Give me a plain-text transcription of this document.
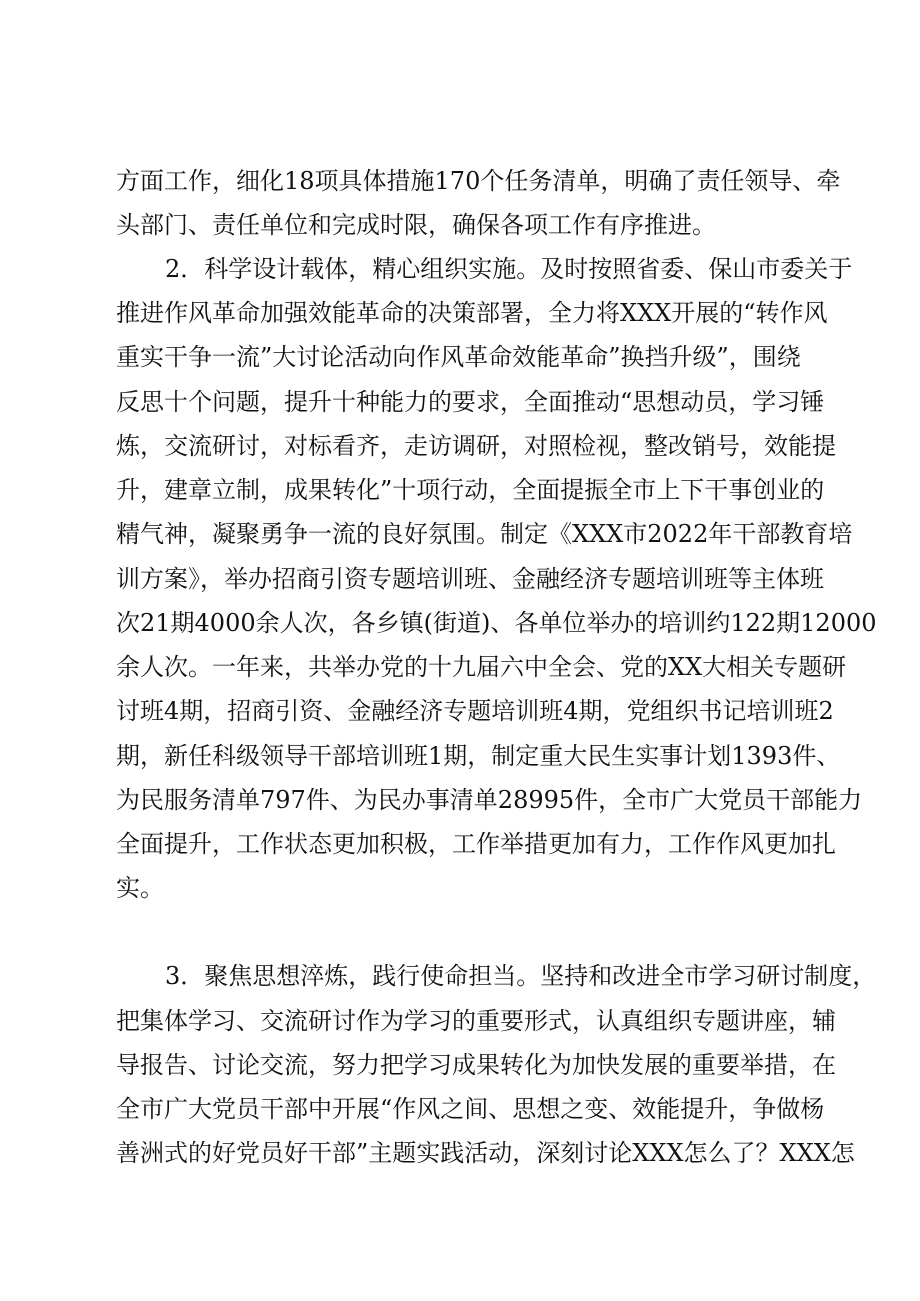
方面工作，细化18项具体措施170个任务清单，明确了责任领导、牵
头部门、责任单位和完成时限，确保各项工作有序推进。
2．科学设计载体，精心组织实施。及时按照省委、保山市委关于
推进作风革命加强效能革命的决策部署，全力将XXX开展的“转作风
重实干争一流”大讨论活动向作风革命效能革命”换挡升级”，围绕
反思十个问题，提升十种能力的要求，全面推动“思想动员，学习锤
炼，交流研讨，对标看齐，走访调研，对照检视，整改销号，效能提
升，建章立制，成果转化”十项行动，全面提振全市上下干事创业的
精气神，凝聚勇争一流的良好氛围。制定《XXX市2022年干部教育培
训方案》，举办招商引资专题培训班、金融经济专题培训班等主体班
次21期4000余人次，各乡镇(街道)、各单位举办的培训约122期12000
余人次。一年来，共举办党的十九届六中全会、党的XX大相关专题研
讨班4期，招商引资、金融经济专题培训班4期，党组织书记培训班2
期，新任科级领导干部培训班1期，制定重大民生实事计划1393件、
为民服务清单797件、为民办事清单28995件，全市广大党员干部能力
全面提升，工作状态更加积极，工作举措更加有力，工作作风更加扎
实。
3．聚焦思想淬炼，践行使命担当。坚持和改进全市学习研讨制度，
把集体学习、交流研讨作为学习的重要形式，认真组织专题讲座，辅
导报告、讨论交流，努力把学习成果转化为加快发展的重要举措，在
全市广大党员干部中开展“作风之间、思想之变、效能提升，争做杨
善洲式的好党员好干部”主题实践活动，深刻讨论XXX怎么了？XXX怎
